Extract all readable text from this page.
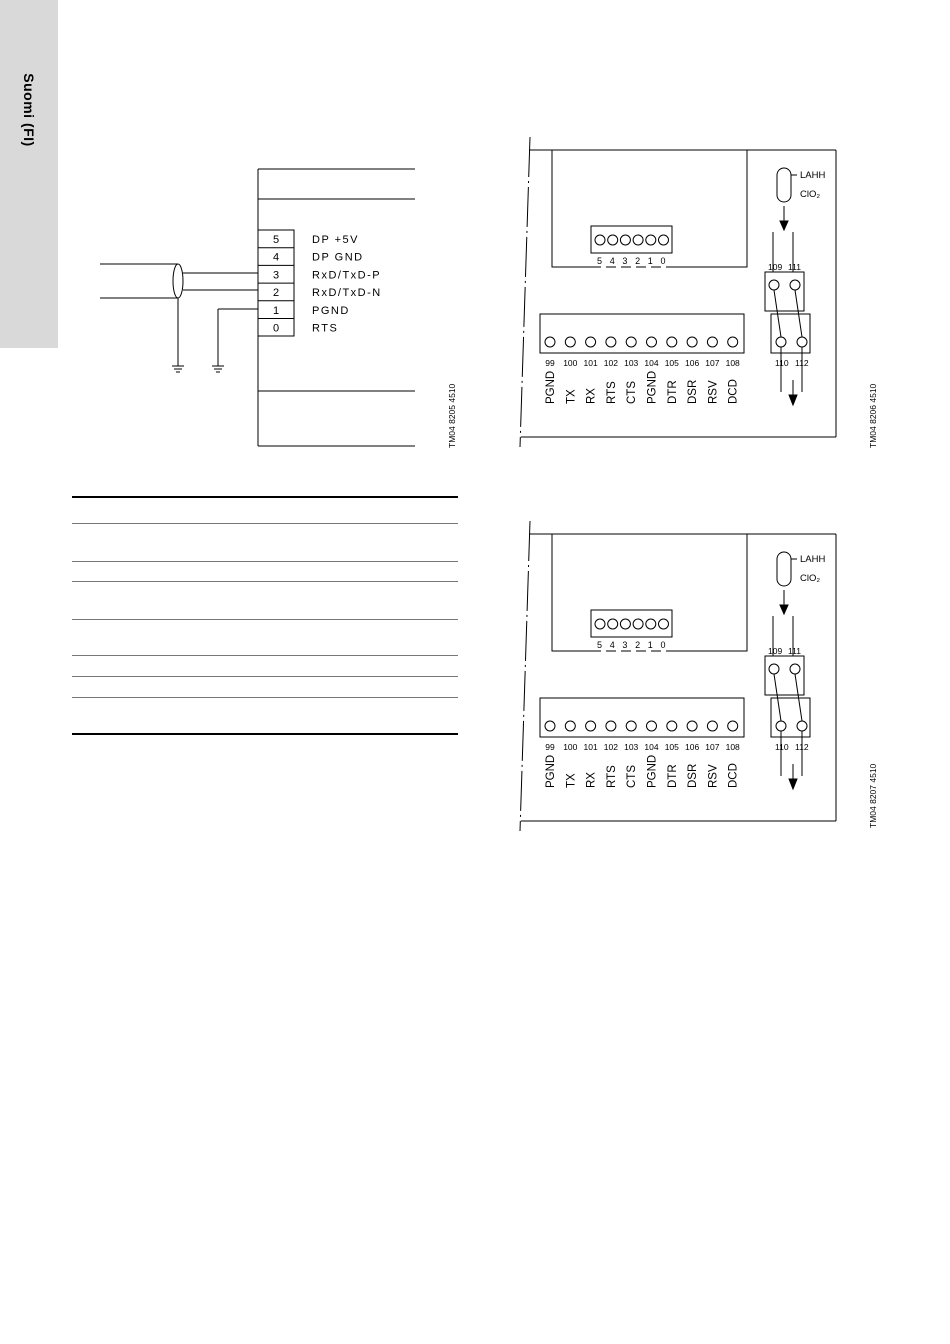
Suomi (FI)
5	DP +5V
4	DP GND
3	RxD/TxD-P
2	RxD/TxD-N
1	PGND
0	RTS
TM04 8205 4510
5 4 3 2 1 0
99
PGND
100
TX
101
RX
102
RTS
103
CTS
104
PGND
105
DTR
106
DSR
107
RSV
108
DCD
LAHH
ClO₂
109 111
110 112
TM04 8206 4510
5 4 3 2 1 0
99
PGND
100
TX
101
RX
102
RTS
103
CTS
104
PGND
105
DTR
106
DSR
107
RSV
108
DCD
LAHH
ClO₂
109 111
110 112
TM04 8207 4510
